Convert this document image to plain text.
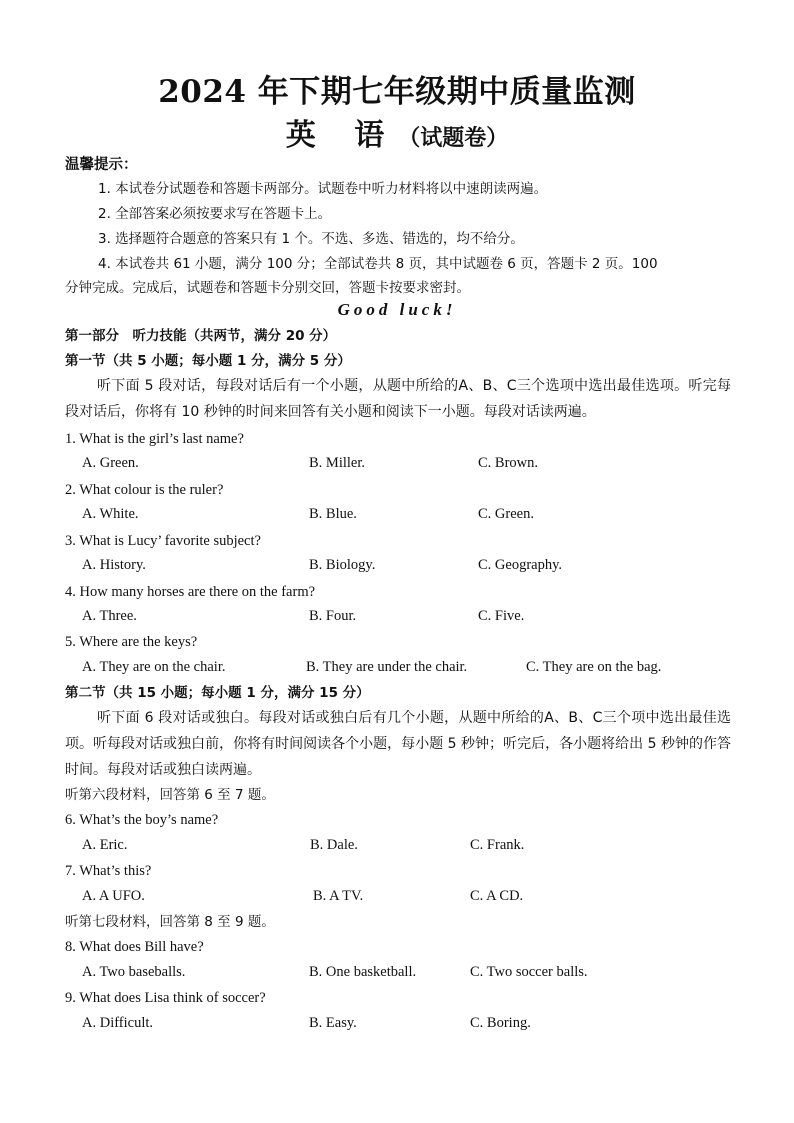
2024 年下期七年级期中质量监测
英 语（试题卷）
温馨提示：
1. 本试卷分试题卷和答题卡两部分。试题卷中听力材料将以中速朗读两遍。
2. 全部答案必须按要求写在答题卡上。
3. 选择题符合题意的答案只有 1 个。不选、多选、错选的，均不给分。
4. 本试卷共 61 小题，满分 100 分；全部试卷共 8 页，其中试题卷 6 页，答题卡 2 页。100
分钟完成。完成后，试题卷和答题卡分别交回，答题卡按要求密封。
Good luck!
第一部分　听力技能（共两节，满分 20 分）
第一节（共 5 小题；每小题 1 分，满分 5 分）
听下面 5 段对话，每段对话后有一个小题，从题中所给的A、B、C三个选项中选出最佳选项。听完每段对话后，你将有 10 秒钟的时间来回答有关小题和阅读下一小题。每段对话读两遍。
1. What is the girl’s last name?
A. Green.	B. Miller.	C. Brown.
2. What colour is the ruler?
A. White.	B. Blue.	C. Green.
3. What is Lucy’ favorite subject?
A. History.	B. Biology.	C. Geography.
4. How many horses are there on the farm?
A. Three.	B. Four.	C. Five.
5. Where are the keys?
A. They are on the chair.	B. They are under the chair.	C. They are on the bag.
第二节（共 15 小题；每小题 1 分，满分 15 分）
听下面 6 段对话或独白。每段对话或独白后有几个小题，从题中所给的A、B、C三个项中选出最佳选项。听每段对话或独白前，你将有时间阅读各个小题，每小题 5 秒钟；听完后，各小题将给出 5 秒钟的作答时间。每段对话或独白读两遍。
听第六段材料，回答第 6 至 7 题。
6. What’s the boy’s name?
A. Eric.	B. Dale.	C. Frank.
7. What’s this?
A. A UFO.	B. A TV.	C. A CD.
听第七段材料，回答第 8 至 9 题。
8. What does Bill have?
A. Two baseballs.	B. One basketball.	C. Two soccer balls.
9. What does Lisa think of soccer?
A. Difficult.	B. Easy.	C. Boring.
